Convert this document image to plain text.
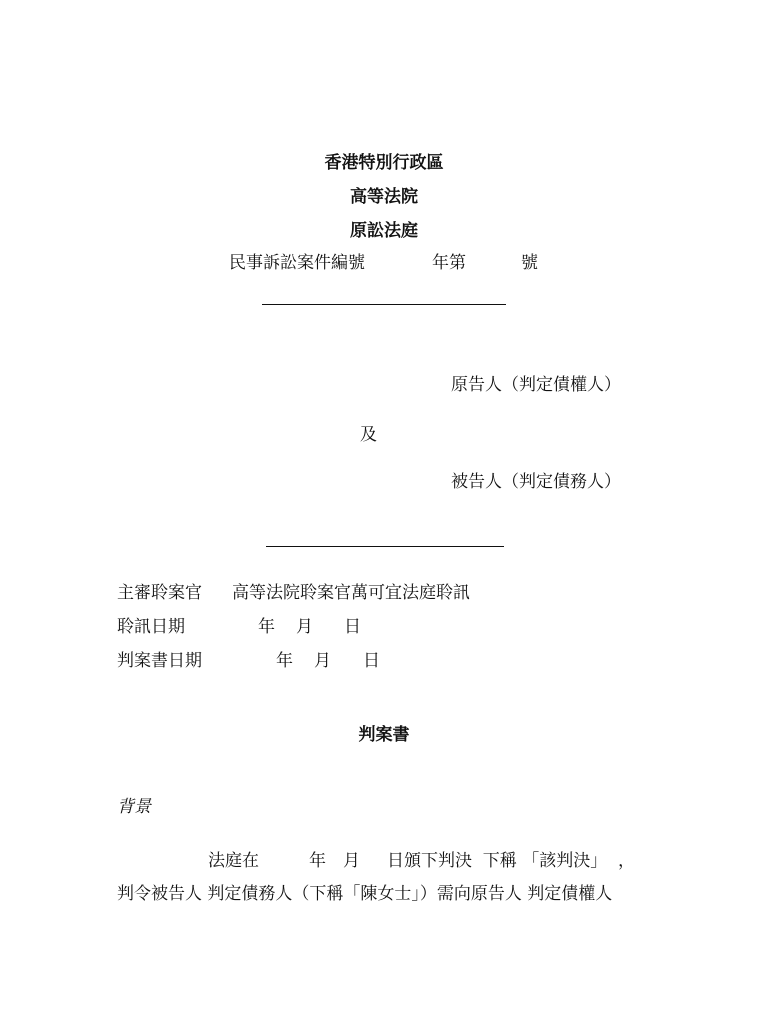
香港特別行政區
高等法院
原訟法庭
民事訴訟案件編號	年第	號
原告人（判定債權人）
及
被告人（判定債務人）
主審聆案官 高等法院聆案官萬可宜法庭聆訊
聆訊日期	年 月 日
判案書日期	年 月 日
判案書
背景
法庭在	年 月 日頒下判決  下稱 「該判決」  ，
判令被告人 判定債務人（下稱「陳女士」）需向原告人 判定債權人
